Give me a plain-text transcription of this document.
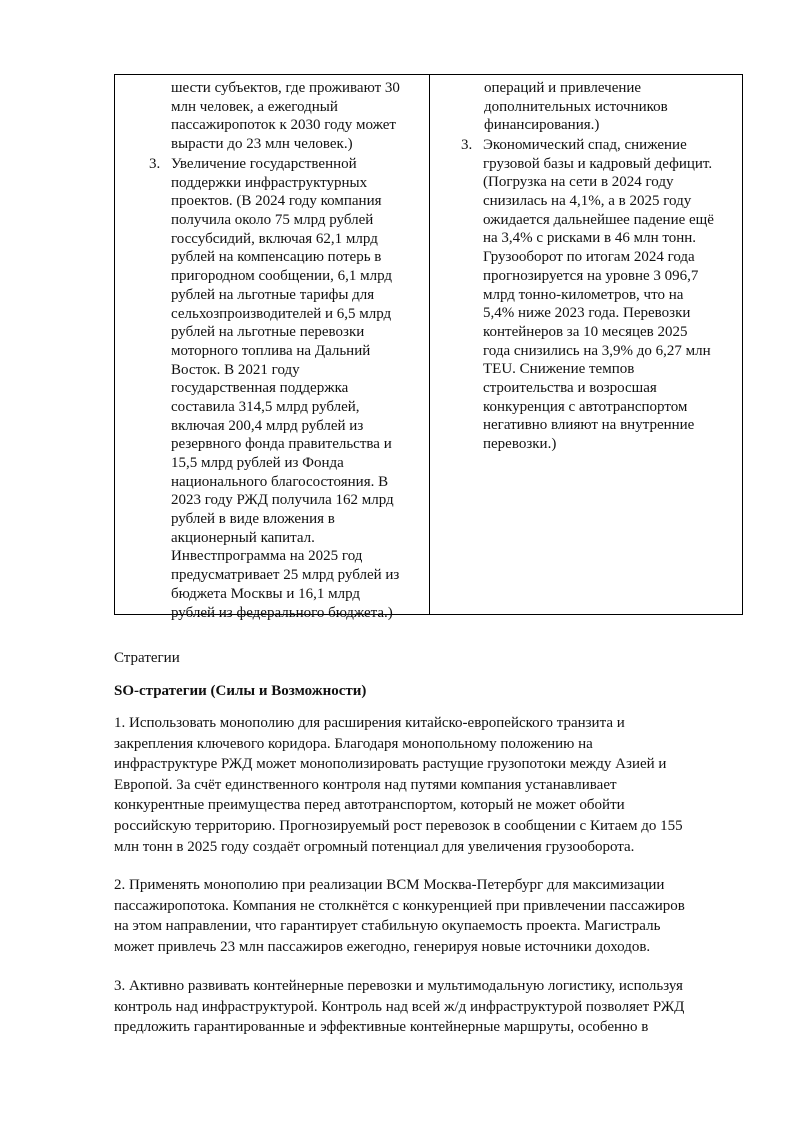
шести субъектов, где проживают 30
млн человек, а ежегодный
пассажиропоток к 2030 году может
вырасти до 23 млн человек.)
3. Увеличение государственной
поддержки инфраструктурных
проектов. (В 2024 году компания
получила около 75 млрд рублей
госсубсидий, включая 62,1 млрд
рублей на компенсацию потерь в
пригородном сообщении, 6,1 млрд
рублей на льготные тарифы для
сельхозпроизводителей и 6,5 млрд
рублей на льготные перевозки
моторного топлива на Дальний
Восток. В 2021 году
государственная поддержка
составила 314,5 млрд рублей,
включая 200,4 млрд рублей из
резервного фонда правительства и
15,5 млрд рублей из Фонда
национального благосостояния. В
2023 году РЖД получила 162 млрд
рублей в виде вложения в
акционерный капитал.
Инвестпрограмма на 2025 год
предусматривает 25 млрд рублей из
бюджета Москвы и 16,1 млрд
рублей из федерального бюджета.)
операций и привлечение
дополнительных источников
финансирования.)
3. Экономический спад, снижение
грузовой базы и кадровый дефицит.
(Погрузка на сети в 2024 году
снизилась на 4,1%, а в 2025 году
ожидается дальнейшее падение ещё
на 3,4% с рисками в 46 млн тонн.
Грузооборот по итогам 2024 года
прогнозируется на уровне 3 096,7
млрд тонно-километров, что на
5,4% ниже 2023 года. Перевозки
контейнеров за 10 месяцев 2025
года снизились на 3,9% до 6,27 млн
TEU. Снижение темпов
строительства и возросшая
конкуренция с автотранспортом
негативно влияют на внутренние
перевозки.)
Стратегии
SO-стратегии (Силы и Возможности)
1. Использовать монополию для расширения китайско-европейского транзита и
закрепления ключевого коридора. Благодаря монопольному положению на
инфраструктуре РЖД может монополизировать растущие грузопотоки между Азией и
Европой. За счёт единственного контроля над путями компания устанавливает
конкурентные преимущества перед автотранспортом, который не может обойти
российскую территорию. Прогнозируемый рост перевозок в сообщении с Китаем до 155
млн тонн в 2025 году создаёт огромный потенциал для увеличения грузооборота.
2. Применять монополию при реализации ВСМ Москва-Петербург для максимизации
пассажиропотока. Компания не столкнётся с конкуренцией при привлечении пассажиров
на этом направлении, что гарантирует стабильную окупаемость проекта. Магистраль
может привлечь 23 млн пассажиров ежегодно, генерируя новые источники доходов.
3. Активно развивать контейнерные перевозки и мультимодальную логистику, используя
контроль над инфраструктурой. Контроль над всей ж/д инфраструктурой позволяет РЖД
предложить гарантированные и эффективные контейнерные маршруты, особенно в
